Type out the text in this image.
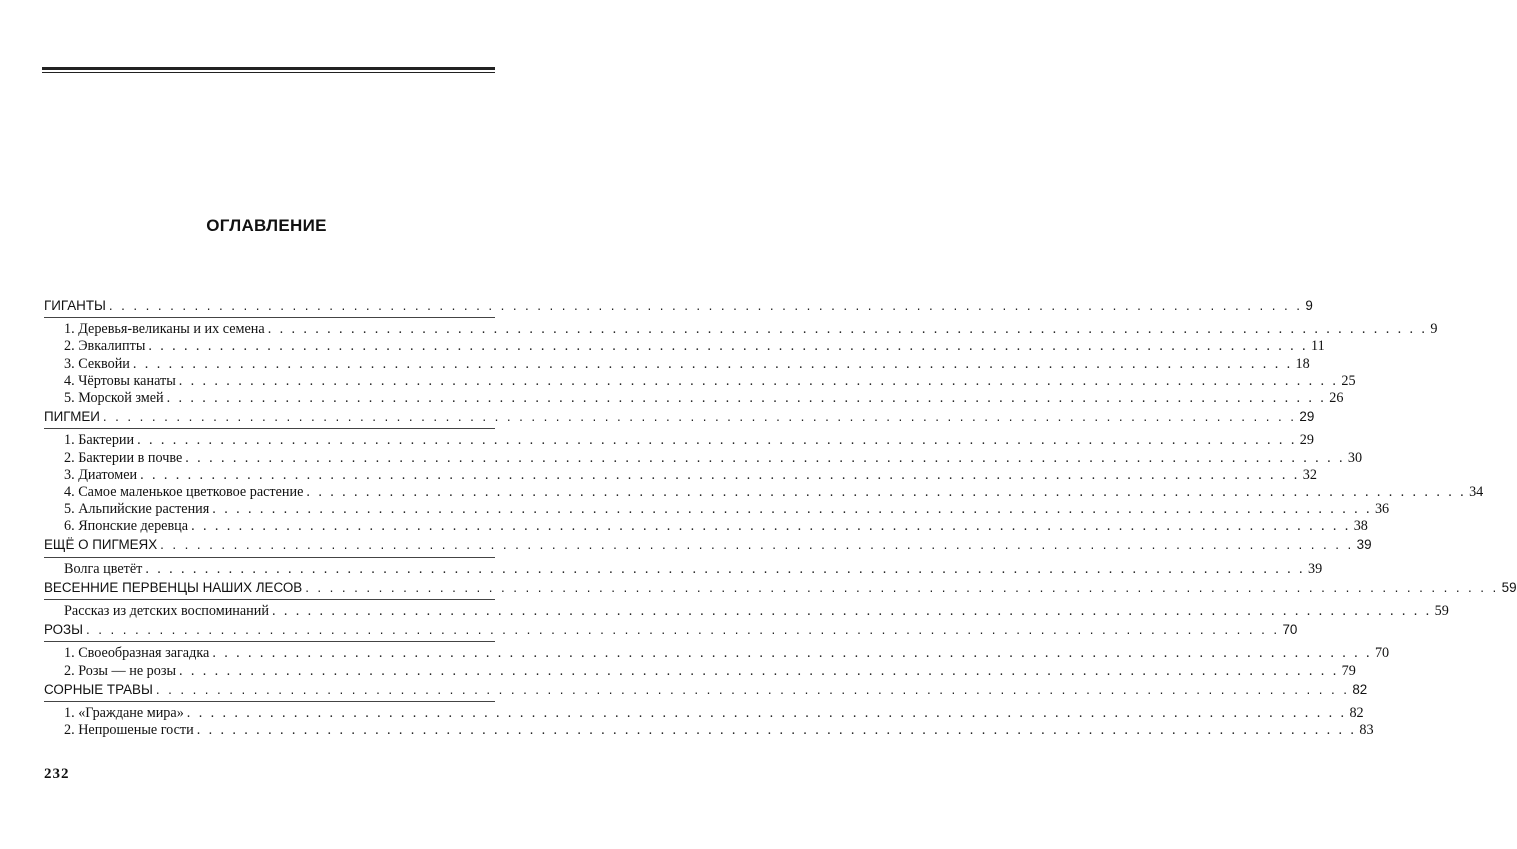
ОГЛАВЛЕНИЕ
ГИГАНТЫ . . . . . . . . . . . . . . . . . . . . . . . . . . . . . . . . . . . . . . . . . . . . . . . . . . . . . . . . . . . . . . . . . . . . . . . . . . . . . . . . . . . . . . . . . . . . . . . . . . 9
1. Деревья-великаны и их семена . . . . . . . . . . . . . . . . . . . . . . . . . . . . . . . . . . . . . . . . . . . . . . . . . . . . . . . . . . . . . . . . . . . . . . . . . . . . . . . . . . . . . . . . . . . . . . . . . . 9
2. Эвкалипты . . . . . . . . . . . . . . . . . . . . . . . . . . . . . . . . . . . . . . . . . . . . . . . . . . . . . . . . . . . . . . . . . . . . . . . . . . . . . . . . . . . . . . . . . . . . . . . . . . 11
3. Секвойи . . . . . . . . . . . . . . . . . . . . . . . . . . . . . . . . . . . . . . . . . . . . . . . . . . . . . . . . . . . . . . . . . . . . . . . . . . . . . . . . . . . . . . . . . . . . . . . . . . 18
4. Чёртовы канаты . . . . . . . . . . . . . . . . . . . . . . . . . . . . . . . . . . . . . . . . . . . . . . . . . . . . . . . . . . . . . . . . . . . . . . . . . . . . . . . . . . . . . . . . . . . . . . . . . . 25
5. Морской змей . . . . . . . . . . . . . . . . . . . . . . . . . . . . . . . . . . . . . . . . . . . . . . . . . . . . . . . . . . . . . . . . . . . . . . . . . . . . . . . . . . . . . . . . . . . . . . . . . . 26
ПИГМЕИ . . . . . . . . . . . . . . . . . . . . . . . . . . . . . . . . . . . . . . . . . . . . . . . . . . . . . . . . . . . . . . . . . . . . . . . . . . . . . . . . . . . . . . . . . . . . . . . . . . 29
1. Бактерии . . . . . . . . . . . . . . . . . . . . . . . . . . . . . . . . . . . . . . . . . . . . . . . . . . . . . . . . . . . . . . . . . . . . . . . . . . . . . . . . . . . . . . . . . . . . . . . . . . 29
2. Бактерии в почве . . . . . . . . . . . . . . . . . . . . . . . . . . . . . . . . . . . . . . . . . . . . . . . . . . . . . . . . . . . . . . . . . . . . . . . . . . . . . . . . . . . . . . . . . . . . . . . . . . 30
3. Диатомеи . . . . . . . . . . . . . . . . . . . . . . . . . . . . . . . . . . . . . . . . . . . . . . . . . . . . . . . . . . . . . . . . . . . . . . . . . . . . . . . . . . . . . . . . . . . . . . . . . . 32
4. Самое маленькое цветковое растение . . . . . . . . . . . . . . . . . . . . . . . . . . . . . . . . . . . . . . . . . . . . . . . . . . . . . . . . . . . . . . . . . . . . . . . . . . . . . . . . . . . . . . . . . . . . . . . . . . 34
5. Альпийские растения . . . . . . . . . . . . . . . . . . . . . . . . . . . . . . . . . . . . . . . . . . . . . . . . . . . . . . . . . . . . . . . . . . . . . . . . . . . . . . . . . . . . . . . . . . . . . . . . . . 36
6. Японские деревца . . . . . . . . . . . . . . . . . . . . . . . . . . . . . . . . . . . . . . . . . . . . . . . . . . . . . . . . . . . . . . . . . . . . . . . . . . . . . . . . . . . . . . . . . . . . . . . . . . 38
ЕЩЁ О ПИГМЕЯХ . . . . . . . . . . . . . . . . . . . . . . . . . . . . . . . . . . . . . . . . . . . . . . . . . . . . . . . . . . . . . . . . . . . . . . . . . . . . . . . . . . . . . . . . . . . . . . . . . . 39
Волга цветёт . . . . . . . . . . . . . . . . . . . . . . . . . . . . . . . . . . . . . . . . . . . . . . . . . . . . . . . . . . . . . . . . . . . . . . . . . . . . . . . . . . . . . . . . . . . . . . . . . . 39
ВЕСЕННИЕ ПЕРВЕНЦЫ НАШИХ ЛЕСОВ . . . . . . . . . . . . . . . . . . . . . . . . . . . . . . . . . . . . . . . . . . . . . . . . . . . . . . . . . . . . . . . . . . . . . . . . . . . . . . . . . . . . . . . . . . . . . . . . . . 59
Рассказ из детских воспоминаний . . . . . . . . . . . . . . . . . . . . . . . . . . . . . . . . . . . . . . . . . . . . . . . . . . . . . . . . . . . . . . . . . . . . . . . . . . . . . . . . . . . . . . . . . . . . . . . . . . 59
РОЗЫ . . . . . . . . . . . . . . . . . . . . . . . . . . . . . . . . . . . . . . . . . . . . . . . . . . . . . . . . . . . . . . . . . . . . . . . . . . . . . . . . . . . . . . . . . . . . . . . . . . 70
1. Своеобразная загадка . . . . . . . . . . . . . . . . . . . . . . . . . . . . . . . . . . . . . . . . . . . . . . . . . . . . . . . . . . . . . . . . . . . . . . . . . . . . . . . . . . . . . . . . . . . . . . . . . . 70
2. Розы — не розы . . . . . . . . . . . . . . . . . . . . . . . . . . . . . . . . . . . . . . . . . . . . . . . . . . . . . . . . . . . . . . . . . . . . . . . . . . . . . . . . . . . . . . . . . . . . . . . . . . 79
СОРНЫЕ ТРАВЫ . . . . . . . . . . . . . . . . . . . . . . . . . . . . . . . . . . . . . . . . . . . . . . . . . . . . . . . . . . . . . . . . . . . . . . . . . . . . . . . . . . . . . . . . . . . . . . . . . . 82
1. «Граждане мира» . . . . . . . . . . . . . . . . . . . . . . . . . . . . . . . . . . . . . . . . . . . . . . . . . . . . . . . . . . . . . . . . . . . . . . . . . . . . . . . . . . . . . . . . . . . . . . . . . . 82
2. Непрошеные гости . . . . . . . . . . . . . . . . . . . . . . . . . . . . . . . . . . . . . . . . . . . . . . . . . . . . . . . . . . . . . . . . . . . . . . . . . . . . . . . . . . . . . . . . . . . . . . . . . . 83
232
